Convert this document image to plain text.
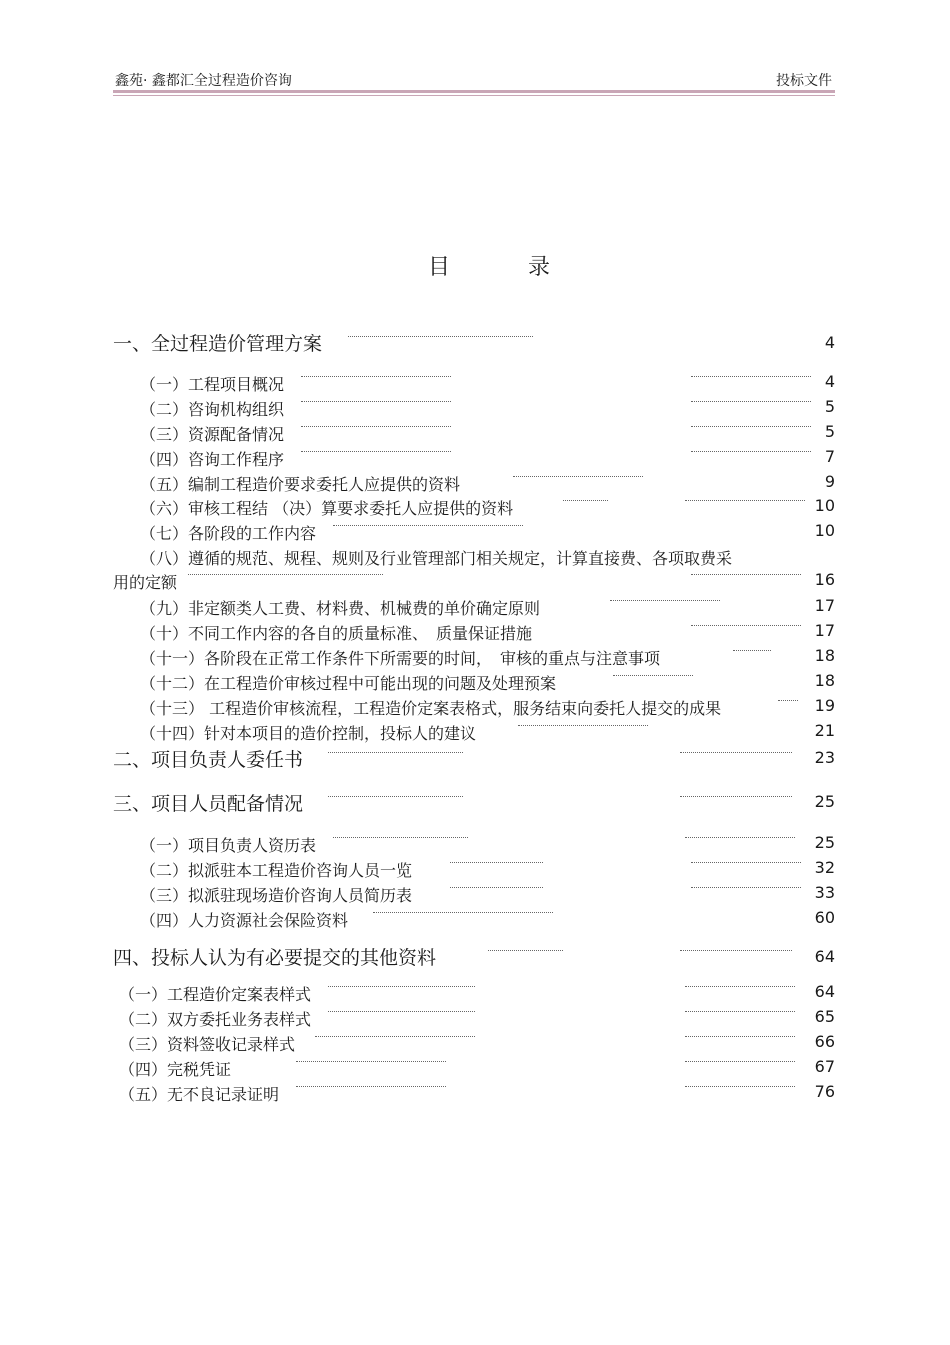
鑫苑· 鑫都汇全过程造价咨询	投标文件
目　录
一、全过程造价管理方案	4
（一）工程项目概况	4
（二）咨询机构组织	5
（三）资源配备情况	5
（四）咨询工作程序	7
（五）编制工程造价要求委托人应提供的资料	9
（六）审核工程结 （决）算要求委托人应提供的资料	10
（七）各阶段的工作内容	10
（八）遵循的规范、规程、规则及行业管理部门相关规定，计算直接费、各项取费采
用的定额	16
（九）非定额类人工费、材料费、机械费的单价确定原则	17
（十）不同工作内容的各自的质量标准、　质量保证措施	17
（十一）各阶段在正常工作条件下所需要的时间，　审核的重点与注意事项	18
（十二）在工程造价审核过程中可能出现的问题及处理预案	18
（十三） 工程造价审核流程，工程造价定案表格式，服务结束向委托人提交的成果	19
（十四）针对本项目的造价控制，投标人的建议	21
二、项目负责人委任书	23
三、项目人员配备情况	25
（一）项目负责人资历表	25
（二）拟派驻本工程造价咨询人员一览	32
（三）拟派驻现场造价咨询人员简历表	33
（四）人力资源社会保险资料	60
四、投标人认为有必要提交的其他资料	64
（一）工程造价定案表样式	64
（二）双方委托业务表样式	65
（三）资料签收记录样式	66
（四）完税凭证	67
（五）无不良记录证明	76
